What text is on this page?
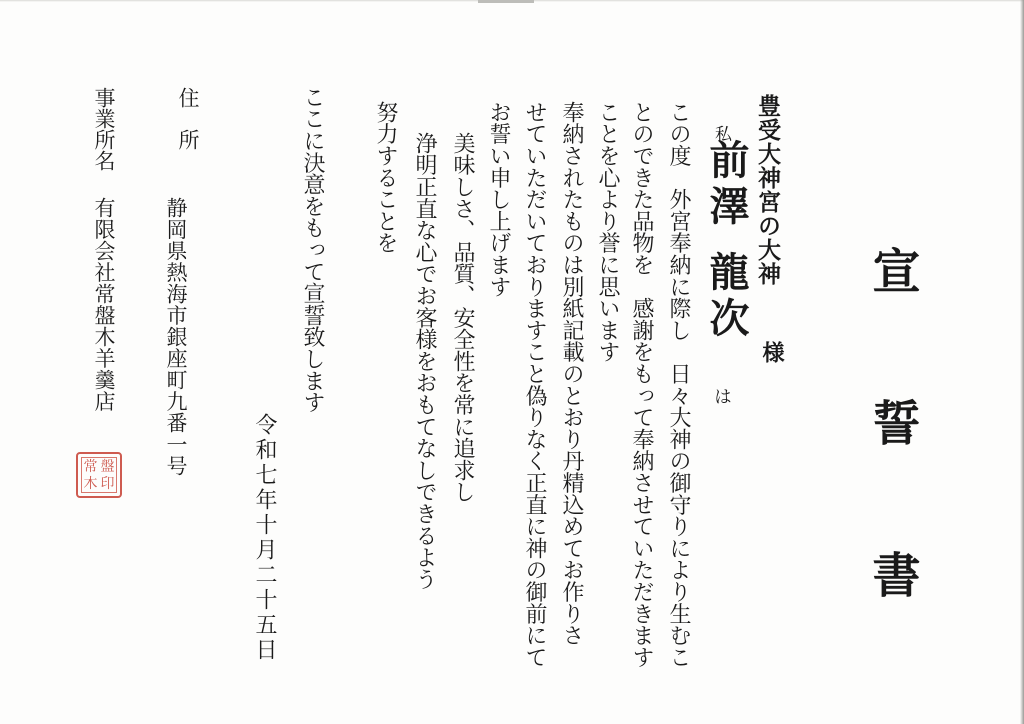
宣　誓　書

豊受大神宮の大神

様

私

前澤 龍次

は

この度　外宮奉納に際し　日々大神の御守りにより生むこ

とのできた品物を　感謝をもって奉納させていただきます

ことを心より誉に思います

奉納されたものは別紙記載のとおり丹精込めてお作りさ

せていただいておりますこと偽りなく正直に神の御前にて

お誓い申し上げます

美味しさ、品質、安全性を常に追求し

浄明正直な心でお客様をおもてなしできるよう

努力することを

ここに決意をもって宣誓致します

令和七年十月二十五日

住　所

静岡県熱海市銀座町九番一号

事業所名

有限会社常盤木羊羹店

常 盤
木 印
